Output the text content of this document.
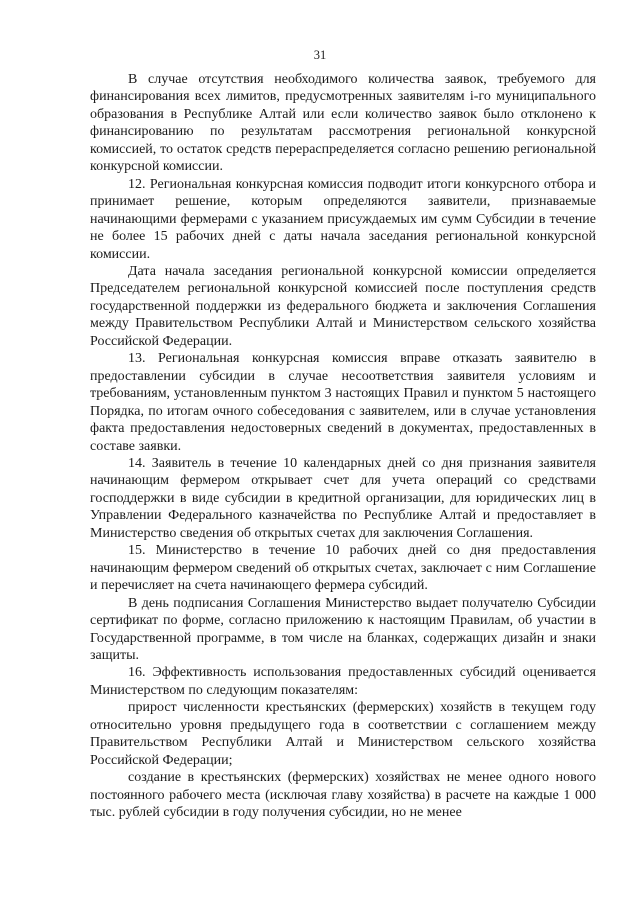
31

В случае отсутствия необходимого количества заявок, требуемого для финансирования всех лимитов, предусмотренных заявителям i-го муниципального образования в Республике Алтай или если количество заявок было отклонено к финансированию по результатам рассмотрения региональной конкурсной комиссией, то остаток средств перераспределяется согласно решению региональной конкурсной комиссии.

12. Региональная конкурсная комиссия подводит итоги конкурсного отбора и принимает решение, которым определяются заявители, признаваемые начинающими фермерами с указанием присуждаемых им сумм Субсидии в течение не более 15 рабочих дней с даты начала заседания региональной конкурсной комиссии.

Дата начала заседания региональной конкурсной комиссии определяется Председателем региональной конкурсной комиссией после поступления средств государственной поддержки из федерального бюджета и заключения Соглашения между Правительством Республики Алтай и Министерством сельского хозяйства Российской Федерации.

13. Региональная конкурсная комиссия вправе отказать заявителю в предоставлении субсидии в случае несоответствия заявителя условиям и требованиям, установленным пунктом 3 настоящих Правил и пунктом 5 настоящего Порядка, по итогам очного собеседования с заявителем, или в случае установления факта предоставления недостоверных сведений в документах, предоставленных в составе заявки.

14. Заявитель в течение 10 календарных дней со дня признания заявителя начинающим фермером открывает счет для учета операций со средствами господдержки в виде субсидии в кредитной организации, для юридических лиц в Управлении Федерального казначейства по Республике Алтай и предоставляет в Министерство сведения об открытых счетах для заключения Соглашения.

15. Министерство в течение 10 рабочих дней со дня предоставления начинающим фермером сведений об открытых счетах, заключает с ним Соглашение и перечисляет на счета начинающего фермера субсидий.

В день подписания Соглашения Министерство выдает получателю Субсидии сертификат по форме, согласно приложению к настоящим Правилам, об участии в Государственной программе, в том числе на бланках, содержащих дизайн и знаки защиты.

16. Эффективность использования предоставленных субсидий оценивается Министерством по следующим показателям:

прирост численности крестьянских (фермерских) хозяйств в текущем году относительно уровня предыдущего года в соответствии с соглашением между Правительством Республики Алтай и Министерством сельского хозяйства Российской Федерации;

создание в крестьянских (фермерских) хозяйствах не менее одного нового постоянного рабочего места (исключая главу хозяйства) в расчете на каждые 1 000 тыс. рублей субсидии в году получения субсидии, но не менее
